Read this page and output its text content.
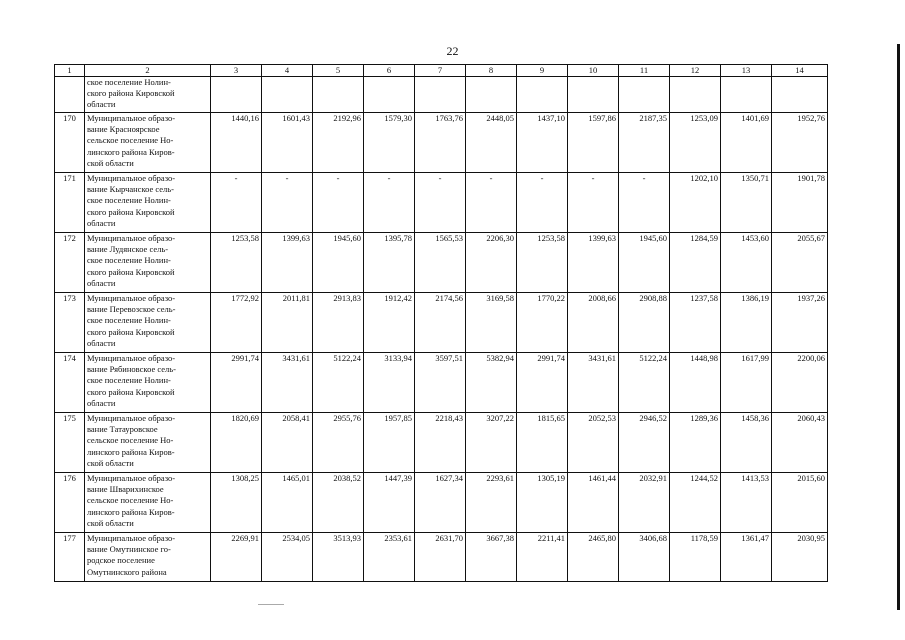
22
1	2	3	4	5	6	7	8	9	10	11	12	13	14
	ское поселение Нолин-
ского района Кировской
области												
170	Муниципальное образо-
вание Красноярское
сельское поселение Но-
линского района Киров-
ской области	1440,16	1601,43	2192,96	1579,30	1763,76	2448,05	1437,10	1597,86	2187,35	1253,09	1401,69	1952,76
171	Муниципальное образо-
вание Кырчанское сель-
ское поселение Нолин-
ского района Кировской
области	-	-	-	-	-	-	-	-	-	1202,10	1350,71	1901,78
172	Муниципальное образо-
вание Лудянское сель-
ское поселение Нолин-
ского района Кировской
области	1253,58	1399,63	1945,60	1395,78	1565,53	2206,30	1253,58	1399,63	1945,60	1284,59	1453,60	2055,67
173	Муниципальное образо-
вание Перевозское сель-
ское поселение Нолин-
ского района Кировской
области	1772,92	2011,81	2913,83	1912,42	2174,56	3169,58	1770,22	2008,66	2908,88	1237,58	1386,19	1937,26
174	Муниципальное образо-
вание Рябиновское сель-
ское поселение Нолин-
ского района Кировской
области	2991,74	3431,61	5122,24	3133,94	3597,51	5382,94	2991,74	3431,61	5122,24	1448,98	1617,99	2200,06
175	Муниципальное образо-
вание Татауровское
сельское поселение Но-
линского района Киров-
ской области	1820,69	2058,41	2955,76	1957,85	2218,43	3207,22	1815,65	2052,53	2946,52	1289,36	1458,36	2060,43
176	Муниципальное образо-
вание Шварихинское
сельское поселение Но-
линского района Киров-
ской области	1308,25	1465,01	2038,52	1447,39	1627,34	2293,61	1305,19	1461,44	2032,91	1244,52	1413,53	2015,60
177	Муниципальное образо-
вание Омутнинское го-
родское поселение
Омутнинского района	2269,91	2534,05	3513,93	2353,61	2631,70	3667,38	2211,41	2465,80	3406,68	1178,59	1361,47	2030,95
